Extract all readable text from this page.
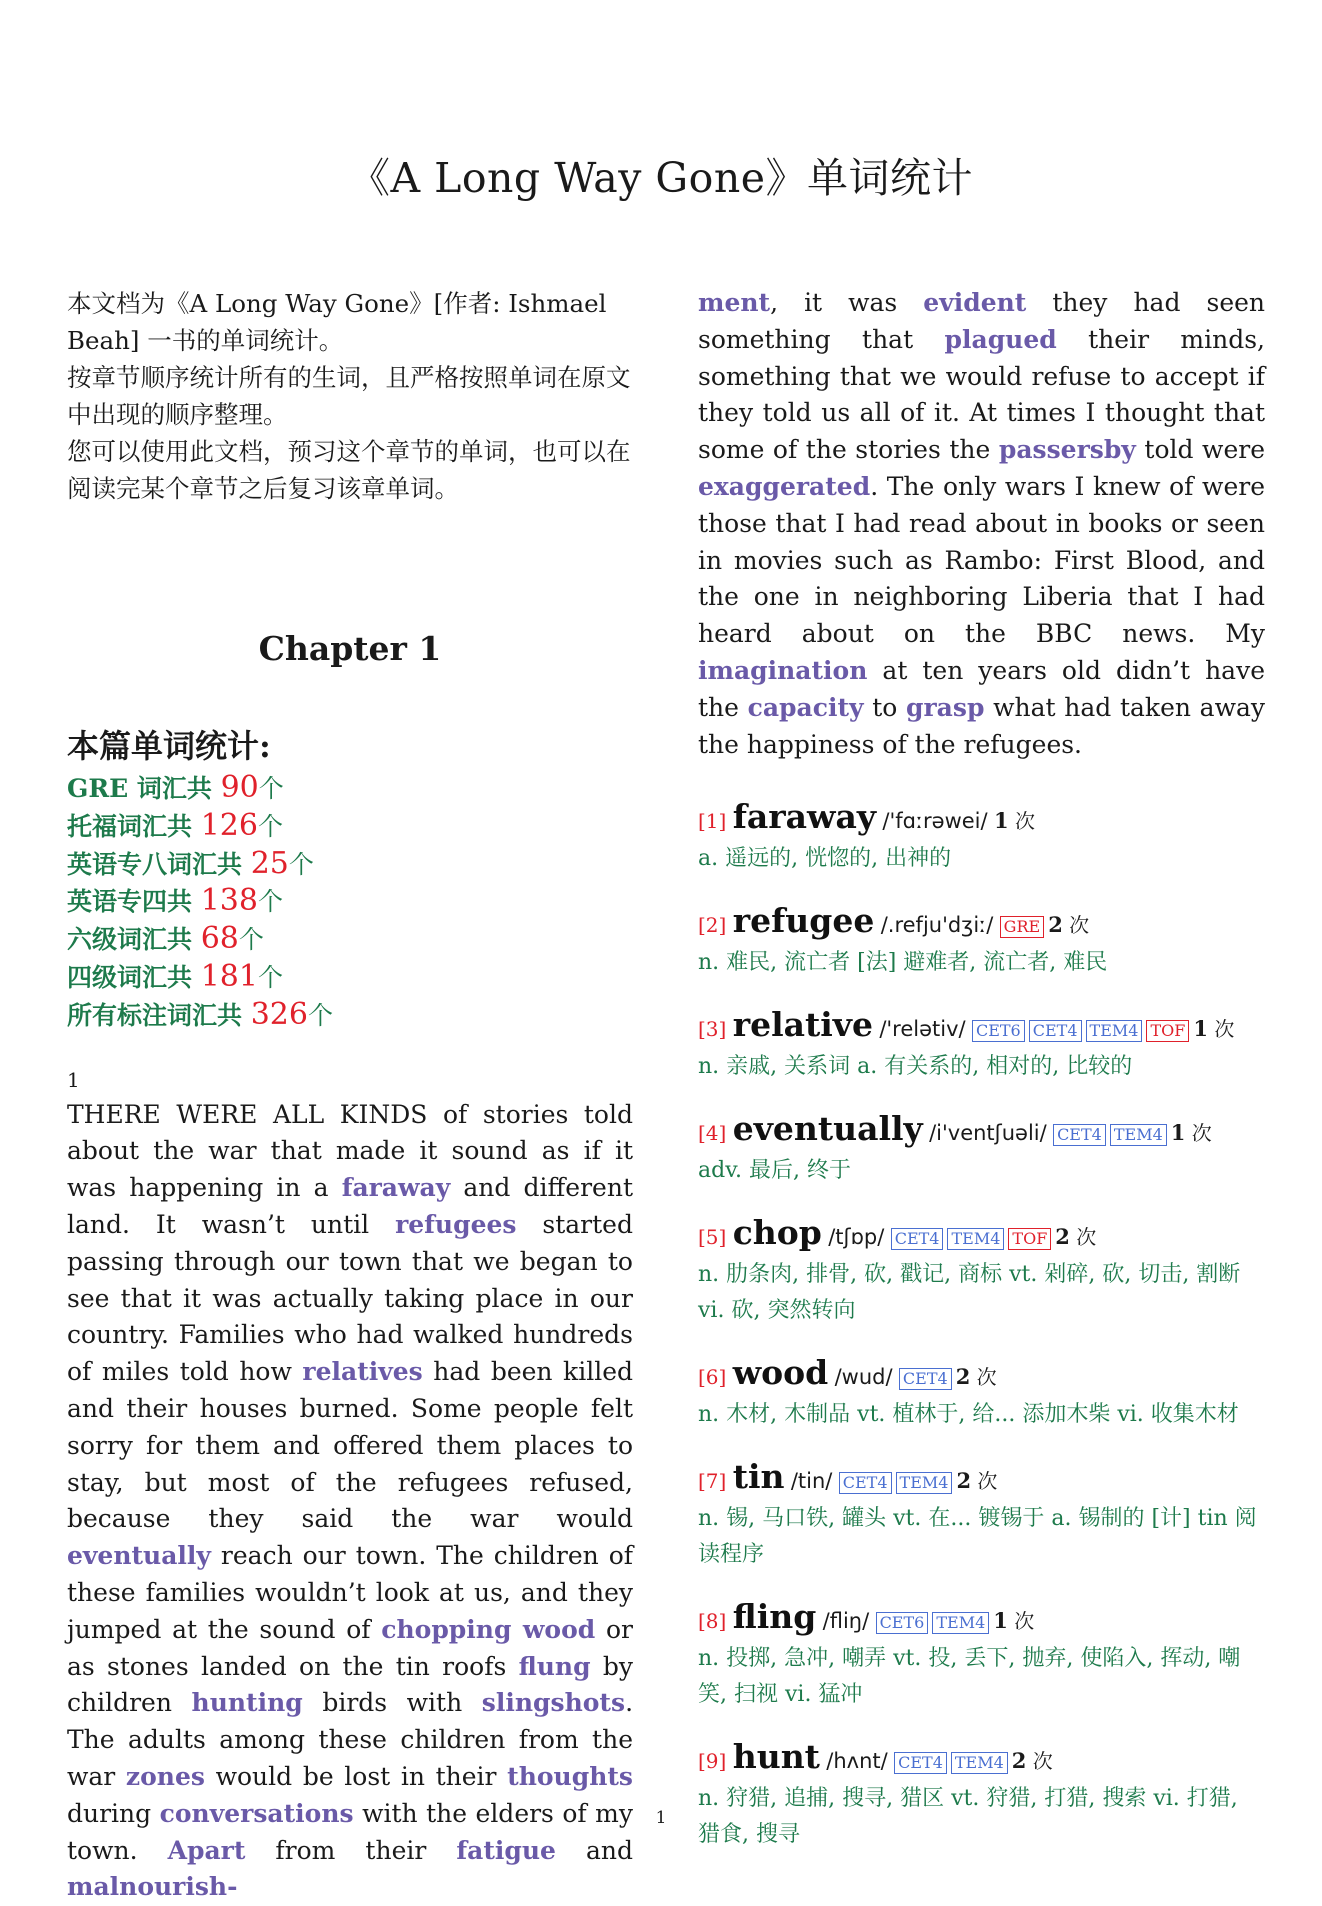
《A Long Way Gone》单词统计

本文档为《A Long Way Gone》[作者: Ishmael Beah] 一书的单词统计。

按章节顺序统计所有的生词，且严格按照单词在原文中出现的顺序整理。

您可以使用此文档，预习这个章节的单词，也可以在阅读完某个章节之后复习该章单词。

Chapter 1
本篇单词统计:
GRE 词汇共 90个
托福词汇共 126个
英语专八词汇共 25个
英语专四共 138个
六级词汇共 68个
四级词汇共 181个
所有标注词汇共 326个
1

THERE WERE ALL KINDS of stories told about the war that made it sound as if it was happening in a faraway and different land. It wasn’t until refugees started passing through our town that we began to see that it was actually taking place in our country. Families who had walked hundreds of miles told how relatives had been killed and their houses burned. Some people felt sorry for them and offered them places to stay, but most of the refugees refused, because they said the war would eventually reach our town. The children of these families wouldn’t look at us, and they jumped at the sound of chopping wood or as stones landed on the tin roofs flung by children hunting birds with slingshots. The adults among these children from the war zones would be lost in their thoughts during conversations with the elders of my town. Apart from their fatigue and malnourish-

ment, it was evident they had seen something that plagued their minds, something that we would refuse to accept if they told us all of it. At times I thought that some of the stories the passersby told were exaggerated. The only wars I knew of were those that I had read about in books or seen in movies such as Rambo: First Blood, and the one in neighboring Liberia that I had heard about on the BBC news. My imagination at ten years old didn’t have the capacity to grasp what had taken away the happiness of the refugees.

[1] faraway /'fɑːrəwei/ 1 次

a. 遥远的, 恍惚的, 出神的

[2] refugee /.refju'dʒiː/ GRE 2 次

n. 难民, 流亡者 [法] 避难者, 流亡者, 难民

[3] relative /'relətiv/ CET6 CET4 TEM4 TOF 1 次

n. 亲戚, 关系词 a. 有关系的, 相对的, 比较的

[4] eventually /i'ventʃuəli/ CET4 TEM4 1 次

adv. 最后, 终于

[5] chop /tʃɒp/ CET4 TEM4 TOF 2 次

n. 肋条肉, 排骨, 砍, 戳记, 商标 vt. 剁碎, 砍, 切击, 割断 vi. 砍, 突然转向

[6] wood /wud/ CET4 2 次

n. 木材, 木制品 vt. 植林于, 给... 添加木柴 vi. 收集木材

[7] tin /tin/ CET4 TEM4 2 次

n. 锡, 马口铁, 罐头 vt. 在... 镀锡于 a. 锡制的 [计] tin 阅读程序

[8] fling /fliŋ/ CET6 TEM4 1 次

n. 投掷, 急冲, 嘲弄 vt. 投, 丢下, 抛弃, 使陷入, 挥动, 嘲笑, 扫视 vi. 猛冲

[9] hunt /hʌnt/ CET4 TEM4 2 次

n. 狩猎, 追捕, 搜寻, 猎区 vt. 狩猎, 打猎, 搜索 vi. 打猎, 猎食, 搜寻

1
